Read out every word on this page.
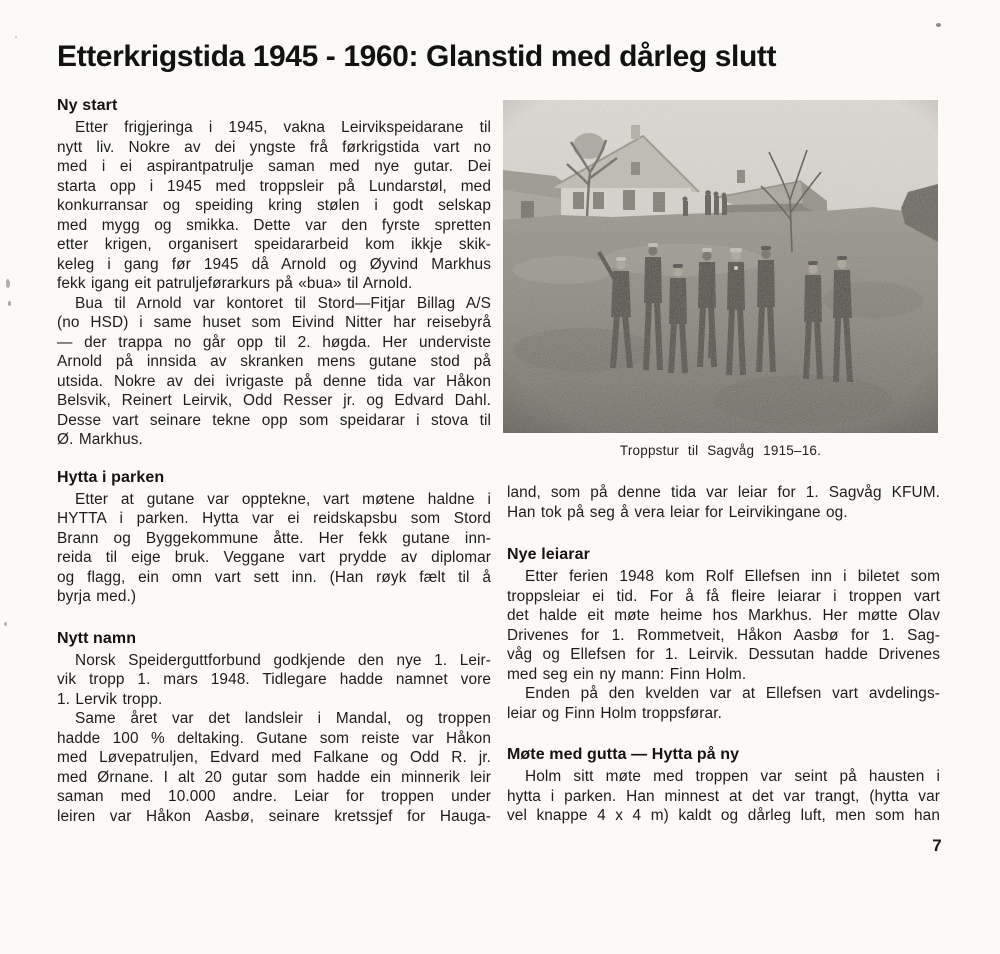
Etterkrigstida 1945 - 1960: Glanstid med dårleg slutt
Ny start
Etter frigjeringa i 1945, vakna Leirvikspeidarane til
nytt liv. Nokre av dei yngste frå førkrigstida vart no
med i ei aspirantpatrulje saman med nye gutar. Dei
starta opp i 1945 med troppsleir på Lundarstøl, med
konkurransar og speiding kring stølen i godt selskap
med mygg og smikka. Dette var den fyrste spretten
etter krigen, organisert speidararbeid kom ikkje skik-
keleg i gang før 1945 då Arnold og Øyvind Markhus
fekk igang eit patruljeførarkurs på «bua» til Arnold.
Bua til Arnold var kontoret til Stord—Fitjar Billag A/S
(no HSD) i same huset som Eivind Nitter har reisebyrå
— der trappa no går opp til 2. høgda. Her underviste
Arnold på innsida av skranken mens gutane stod på
utsida. Nokre av dei ivrigaste på denne tida var Håkon
Belsvik, Reinert Leirvik, Odd Resser jr. og Edvard Dahl.
Desse vart seinare tekne opp som speidarar i stova til
Ø. Markhus.
Hytta i parken
Etter at gutane var opptekne, vart møtene haldne i
HYTTA i parken. Hytta var ei reidskapsbu som Stord
Brann og Byggekommune åtte. Her fekk gutane inn-
reida til eige bruk. Veggane vart prydde av diplomar
og flagg, ein omn vart sett inn. (Han røyk fælt til å
byrja med.)
Nytt namn
Norsk Speiderguttforbund godkjende den nye 1. Leir-
vik tropp 1. mars 1948. Tidlegare hadde namnet vore
1. Lervik tropp.
Same året var det landsleir i Mandal, og troppen
hadde 100 % deltaking. Gutane som reiste var Håkon
med Løvepatruljen, Edvard med Falkane og Odd R. jr.
med Ørnane. I alt 20 gutar som hadde ein minnerik leir
saman med 10.000 andre. Leiar for troppen under
leiren var Håkon Aasbø, seinare kretssjef for Hauga-
Troppstur til Sagvåg 1915–16.
land, som på denne tida var leiar for 1. Sagvåg KFUM.
Han tok på seg å vera leiar for Leirvikingane og.
Nye leiarar
Etter ferien 1948 kom Rolf Ellefsen inn i biletet som
troppsleiar ei tid. For å få fleire leiarar i troppen vart
det halde eit møte heime hos Markhus. Her møtte Olav
Drivenes for 1. Rommetveit, Håkon Aasbø for 1. Sag-
våg og Ellefsen for 1. Leirvik. Dessutan hadde Drivenes
med seg ein ny mann: Finn Holm.
Enden på den kvelden var at Ellefsen vart avdelings-
leiar og Finn Holm troppsførar.
Møte med gutta — Hytta på ny
Holm sitt møte med troppen var seint på hausten i
hytta i parken. Han minnest at det var trangt, (hytta var
vel knappe 4 x 4 m) kaldt og dårleg luft, men som han
7
